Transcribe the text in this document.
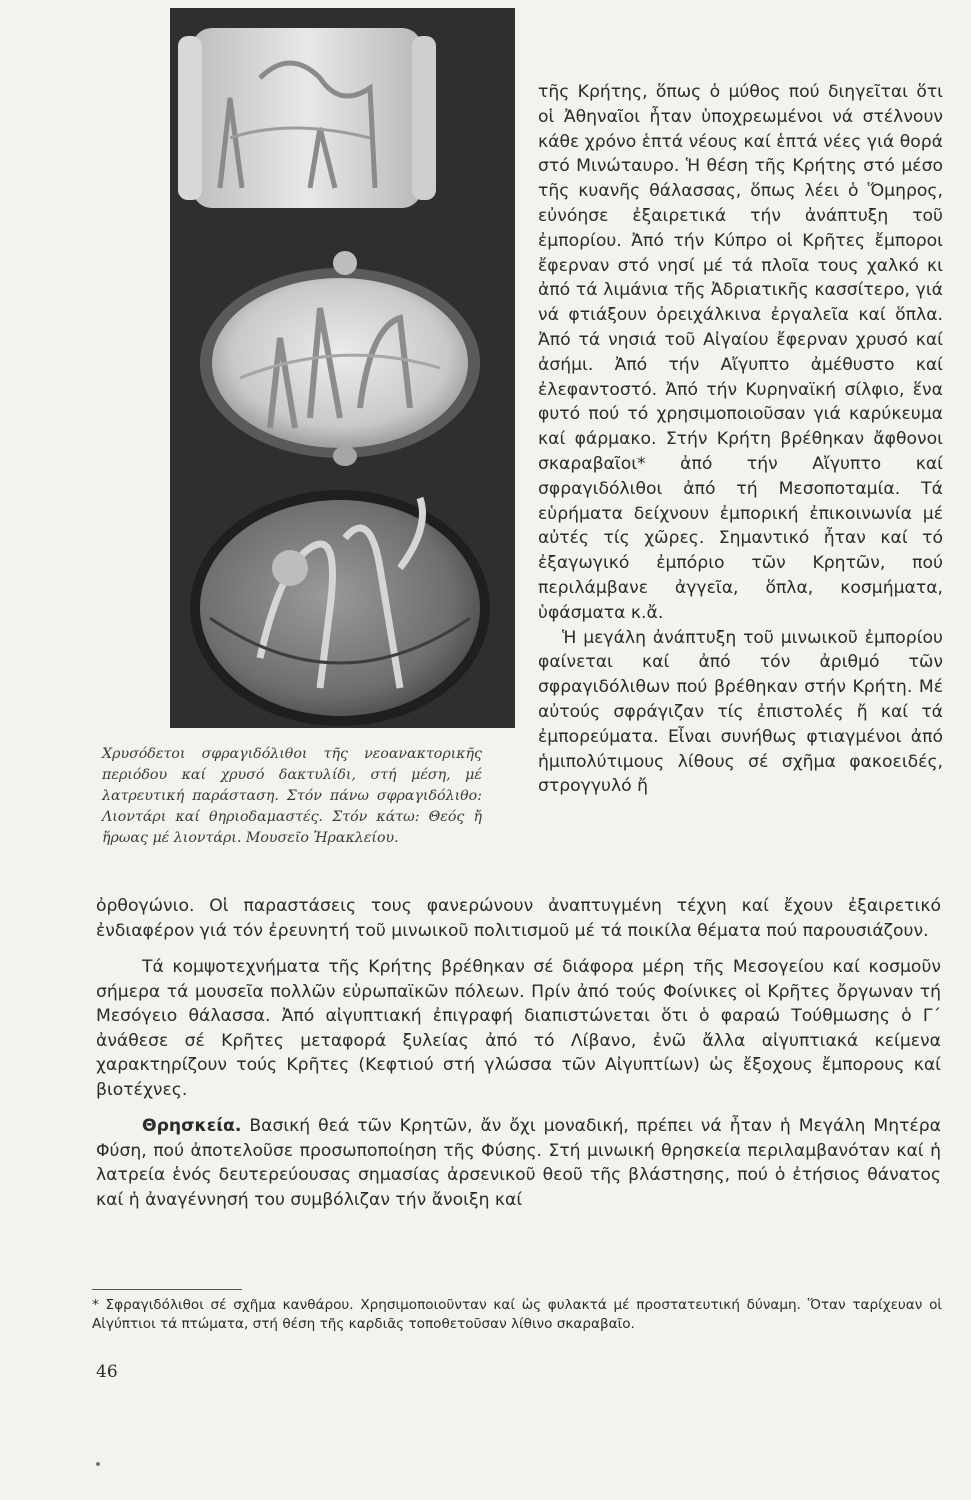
τῆς Κρήτης, ὅπως ὁ μύθος πού διηγεῖται ὅτι οἱ Ἀθηναῖοι ἦταν ὑποχρεωμένοι νά στέλνουν κάθε χρόνο ἑπτά νέους καί ἑπτά νέες γιά θορά στό Μινώταυρο. Ἡ θέση τῆς Κρήτης στό μέσο τῆς κυανῆς θάλασσας, ὅπως λέει ὁ Ὅμηρος, εὐνόησε ἐξαιρετικά τήν ἀνάπτυξη τοῦ ἐμπορίου. Ἀπό τήν Κύπρο οἱ Κρῆτες ἔμποροι ἔφερναν στό νησί μέ τά πλοῖα τους χαλκό κι ἀπό τά λιμάνια τῆς Ἀδριατικῆς κασσίτερο, γιά νά φτιάξουν ὀρειχάλκινα ἐργαλεῖα καί ὅπλα. Ἀπό τά νησιά τοῦ Αἰγαίου ἔφερναν χρυσό καί ἀσήμι. Ἀπό τήν Αἴγυπτο ἀμέθυστο καί ἐλεφαντοστό. Ἀπό τήν Κυρηναϊκή σίλφιο, ἕνα φυτό πού τό χρησιμοποιοῦσαν γιά καρύκευμα καί φάρμακο. Στήν Κρήτη βρέθηκαν ἄφθονοι σκαραβαῖοι* ἀπό τήν Αἴγυπτο καί σφραγιδόλιθοι ἀπό τή Μεσοποταμία. Τά εὑρήματα δείχνουν ἐμπορική ἐπικοινωνία μέ αὐτές τίς χῶρες. Σημαντικό ἦταν καί τό ἐξαγωγικό ἐμπόριο τῶν Κρητῶν, πού περιλάμβανε ἀγγεῖα, ὅπλα, κοσμήματα, ὑφάσματα κ.ἄ.

Ἡ μεγάλη ἀνάπτυξη τοῦ μινωικοῦ ἐμπορίου φαίνεται καί ἀπό τόν ἀριθμό τῶν σφραγιδόλιθων πού βρέθηκαν στήν Κρήτη. Μέ αὐτούς σφράγιζαν τίς ἐπιστολές ἤ καί τά ἐμπορεύματα. Εἶναι συνήθως φτιαγμένοι ἀπό ἡμιπολύτιμους λίθους σέ σχῆμα φακοειδές, στρογγυλό ἤ

Χρυσόδετοι σφραγιδόλιθοι τῆς νεοανακτορικῆς περιόδου καί χρυσό δακτυλίδι, στή μέση, μέ λατρευτική παράσταση. Στόν πάνω σφραγιδόλιθο: Λιοντάρι καί θηριοδαμαστές. Στόν κάτω: Θεός ἤ ἥρωας μέ λιοντάρι. Μουσεῖο Ἡρακλείου.

ὀρθογώνιο. Οἱ παραστάσεις τους φανερώνουν ἀναπτυγμένη τέχνη καί ἔχουν ἐξαιρετικό ἐνδιαφέρον γιά τόν ἐρευνητή τοῦ μινωικοῦ πολιτισμοῦ μέ τά ποικίλα θέματα πού παρουσιάζουν.

Τά κομψοτεχνήματα τῆς Κρήτης βρέθηκαν σέ διάφορα μέρη τῆς Μεσογείου καί κοσμοῦν σήμερα τά μουσεῖα πολλῶν εὐρωπαϊκῶν πόλεων. Πρίν ἀπό τούς Φοίνικες οἱ Κρῆτες ὄργωναν τή Μεσόγειο θάλασσα. Ἀπό αἰγυπτιακή ἐπιγραφή διαπιστώνεται ὅτι ὁ φαραώ Τούθμωσης ὁ Γ΄ ἀνάθεσε σέ Κρῆτες μεταφορά ξυλείας ἀπό τό Λίβανο, ἐνῶ ἄλλα αἰγυπτιακά κείμενα χαρακτηρίζουν τούς Κρῆτες (Κεφτιού στή γλώσσα τῶν Αἰγυπτίων) ὡς ἔξοχους ἔμπορους καί βιοτέχνες.

Θρησκεία. Βασική θεά τῶν Κρητῶν, ἄν ὄχι μοναδική, πρέπει νά ἦταν ἡ Μεγάλη Μητέρα Φύση, πού ἀποτελοῦσε προσωποποίηση τῆς Φύσης. Στή μινωική θρησκεία περιλαμβανόταν καί ἡ λατρεία ἑνός δευτερεύουσας σημασίας ἀρσενικοῦ θεοῦ τῆς βλάστησης, πού ὁ ἐτήσιος θάνατος καί ἡ ἀναγέννησή του συμβόλιζαν τήν ἄνοιξη καί

* Σφραγιδόλιθοι σέ σχῆμα κανθάρου. Χρησιμοποιοῦνταν καί ὡς φυλακτά μέ προστατευτική δύναμη. Ὅταν ταρίχευαν οἱ Αἰγύπτιοι τά πτώματα, στή θέση τῆς καρδιᾶς τοποθετοῦσαν λίθινο σκαραβαῖο.
46
